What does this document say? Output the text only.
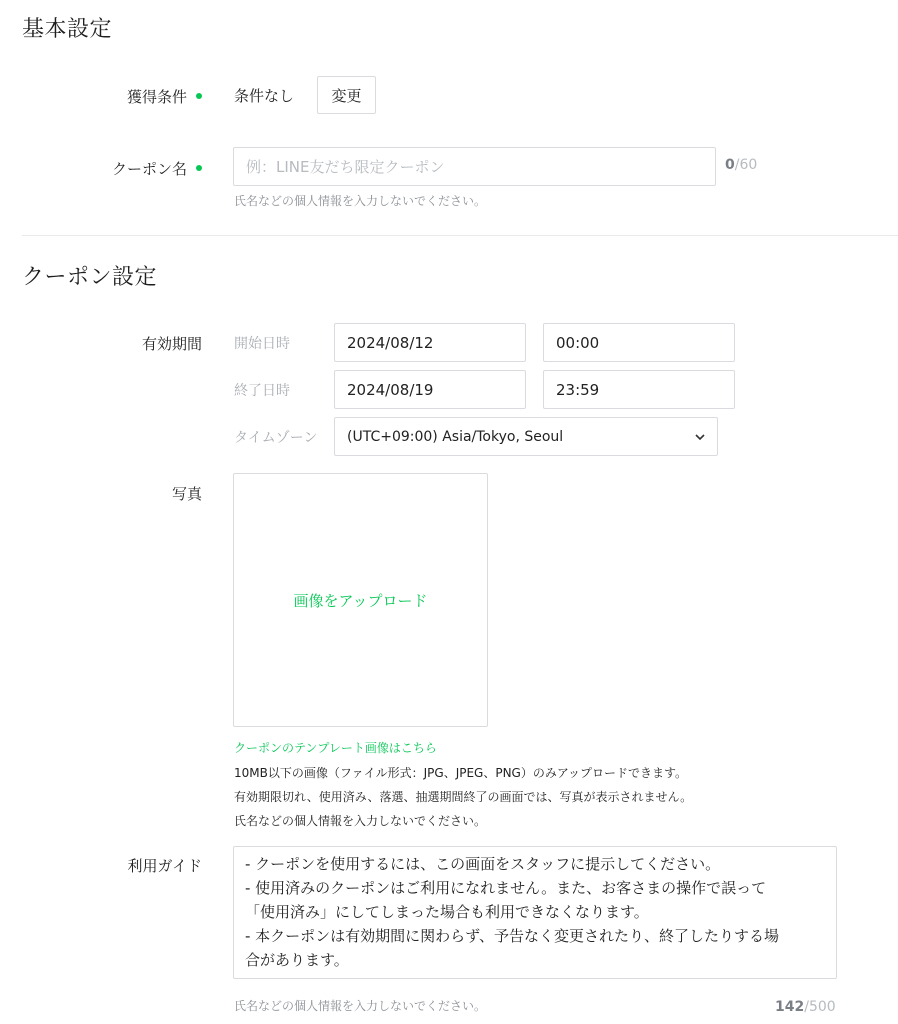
基本設定
獲得条件	条件なし	変更
クーポン名	例：LINE友だち限定クーポン	0/60
氏名などの個人情報を入力しないでください。
クーポン設定
有効期間 開始日時	2024/08/12	00:00
終了日時	2024/08/19	23:59
タイムゾーン (UTC+09:00) Asia/Tokyo, Seoul
写真
画像をアップロード
クーポンのテンプレート画像はこちら
10MB以下の画像（ファイル形式：JPG、JPEG、PNG）のみアップロードできます。
有効期限切れ、使用済み、落選、抽選期間終了の画面では、写真が表示されません。
氏名などの個人情報を入力しないでください。
利用ガイド	- クーポンを使用するには、この画面をスタッフに提示してください。
- 使用済みのクーポンはご利用になれません。また、お客さまの操作で誤って
「使用済み」にしてしまった場合も利用できなくなります。
- 本クーポンは有効期間に関わらず、予告なく変更されたり、終了したりする場
合があります。
氏名などの個人情報を入力しないでください。	142/500
